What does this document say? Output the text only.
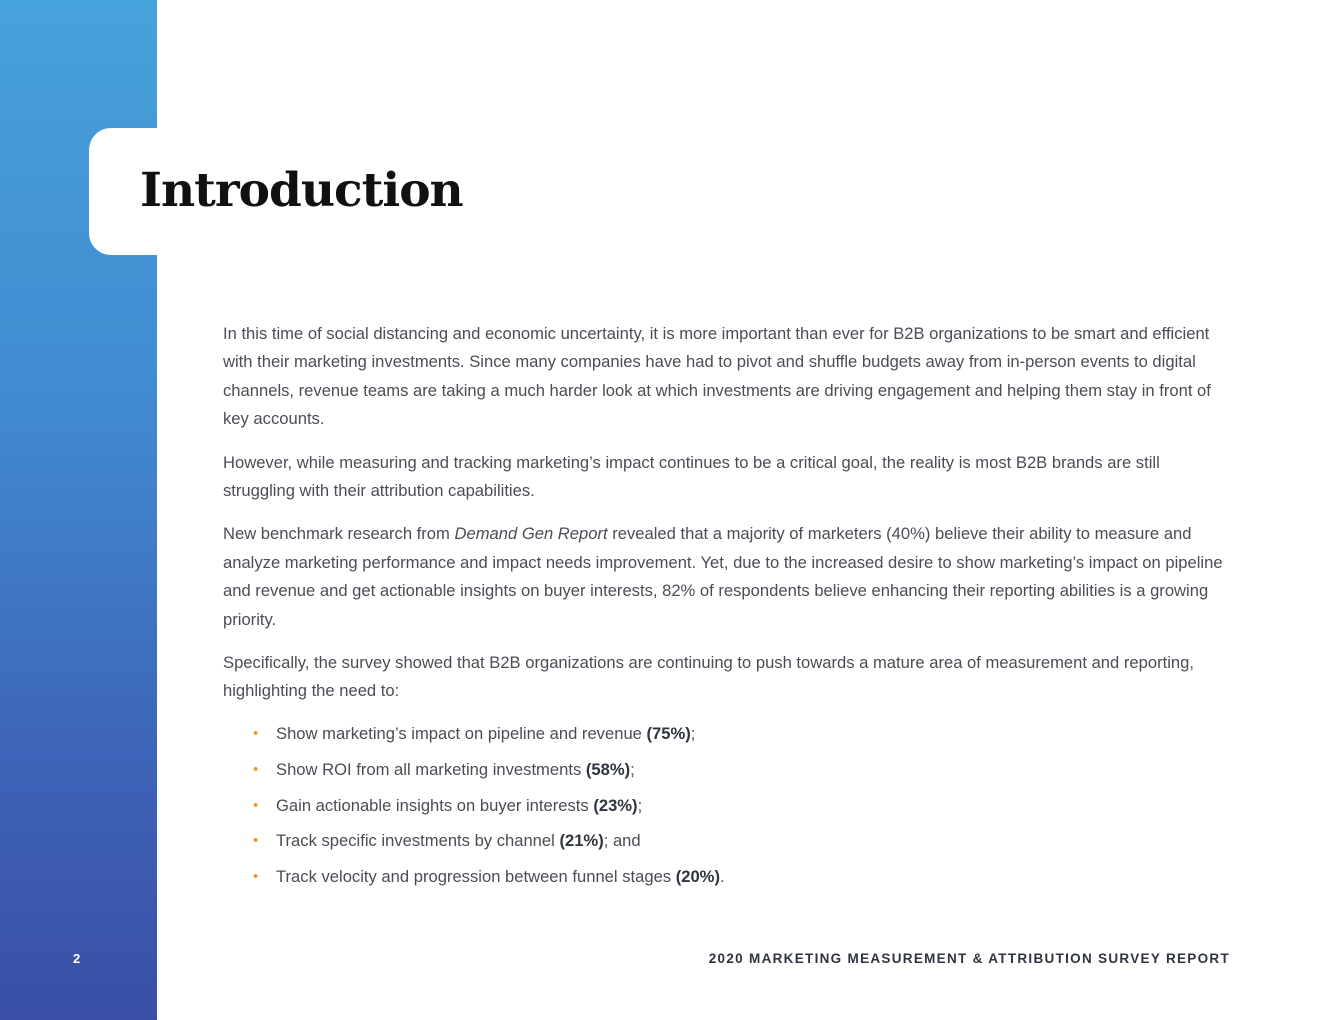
Introduction

In this time of social distancing and economic uncertainty, it is more important than ever for B2B organizations to be smart and efficient with their marketing investments. Since many companies have had to pivot and shuffle budgets away from in-person events to digital channels, revenue teams are taking a much harder look at which investments are driving engagement and helping them stay in front of key accounts.

However, while measuring and tracking marketing’s impact continues to be a critical goal, the reality is most B2B brands are still struggling with their attribution capabilities.

New benchmark research from Demand Gen Report revealed that a majority of marketers (40%) believe their ability to measure and analyze marketing performance and impact needs improvement. Yet, due to the increased desire to show marketing’s impact on pipeline and revenue and get actionable insights on buyer interests, 82% of respondents believe enhancing their reporting abilities is a growing priority.

Specifically, the survey showed that B2B organizations are continuing to push towards a mature area of measurement and reporting, highlighting the need to:

• Show marketing’s impact on pipeline and revenue (75%);
• Show ROI from all marketing investments (58%);
• Gain actionable insights on buyer interests (23%);
• Track specific investments by channel (21%); and
• Track velocity and progression between funnel stages (20%).
2	2020 MARKETING MEASUREMENT & ATTRIBUTION SURVEY REPORT
